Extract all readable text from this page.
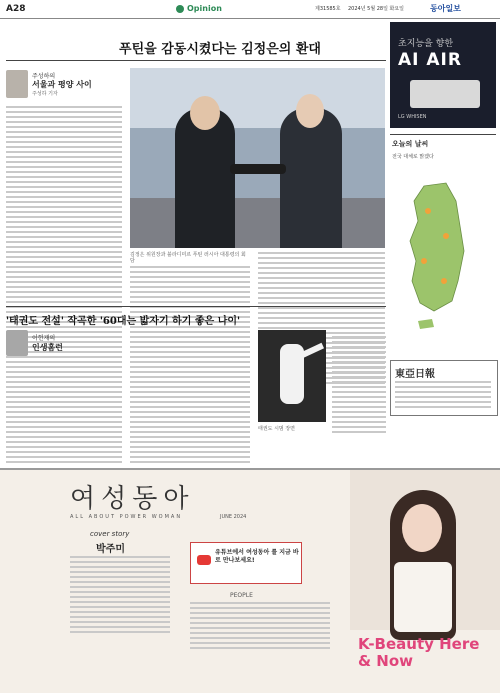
A28	Opinion	제31585호 2024년 5월 28일 화요일	동아일보
푸틴을 감동시켰다는 김정은의 환대
주성하의
서울과 평양 사이
주성하 기자
김정은 위원장과 블라디미르 푸틴 러시아 대통령의 회담
초지능을 향한
AI AIR
LG WHISEN
오늘의 날씨
전국 대체로 맑겠다
東亞日報
'태권도 전설' 작곡한 '60대는 밟자기 하기 좋은 나이'
이헌재의
인생홈런
태권도 시범 장면
여성동아
ALL ABOUT POWER WOMAN	JUNE 2024
cover story
박주미	유튜브에서 여성동아 를 지금 바로 만나보세요!
PEOPLE
K-Beauty Here & Now
